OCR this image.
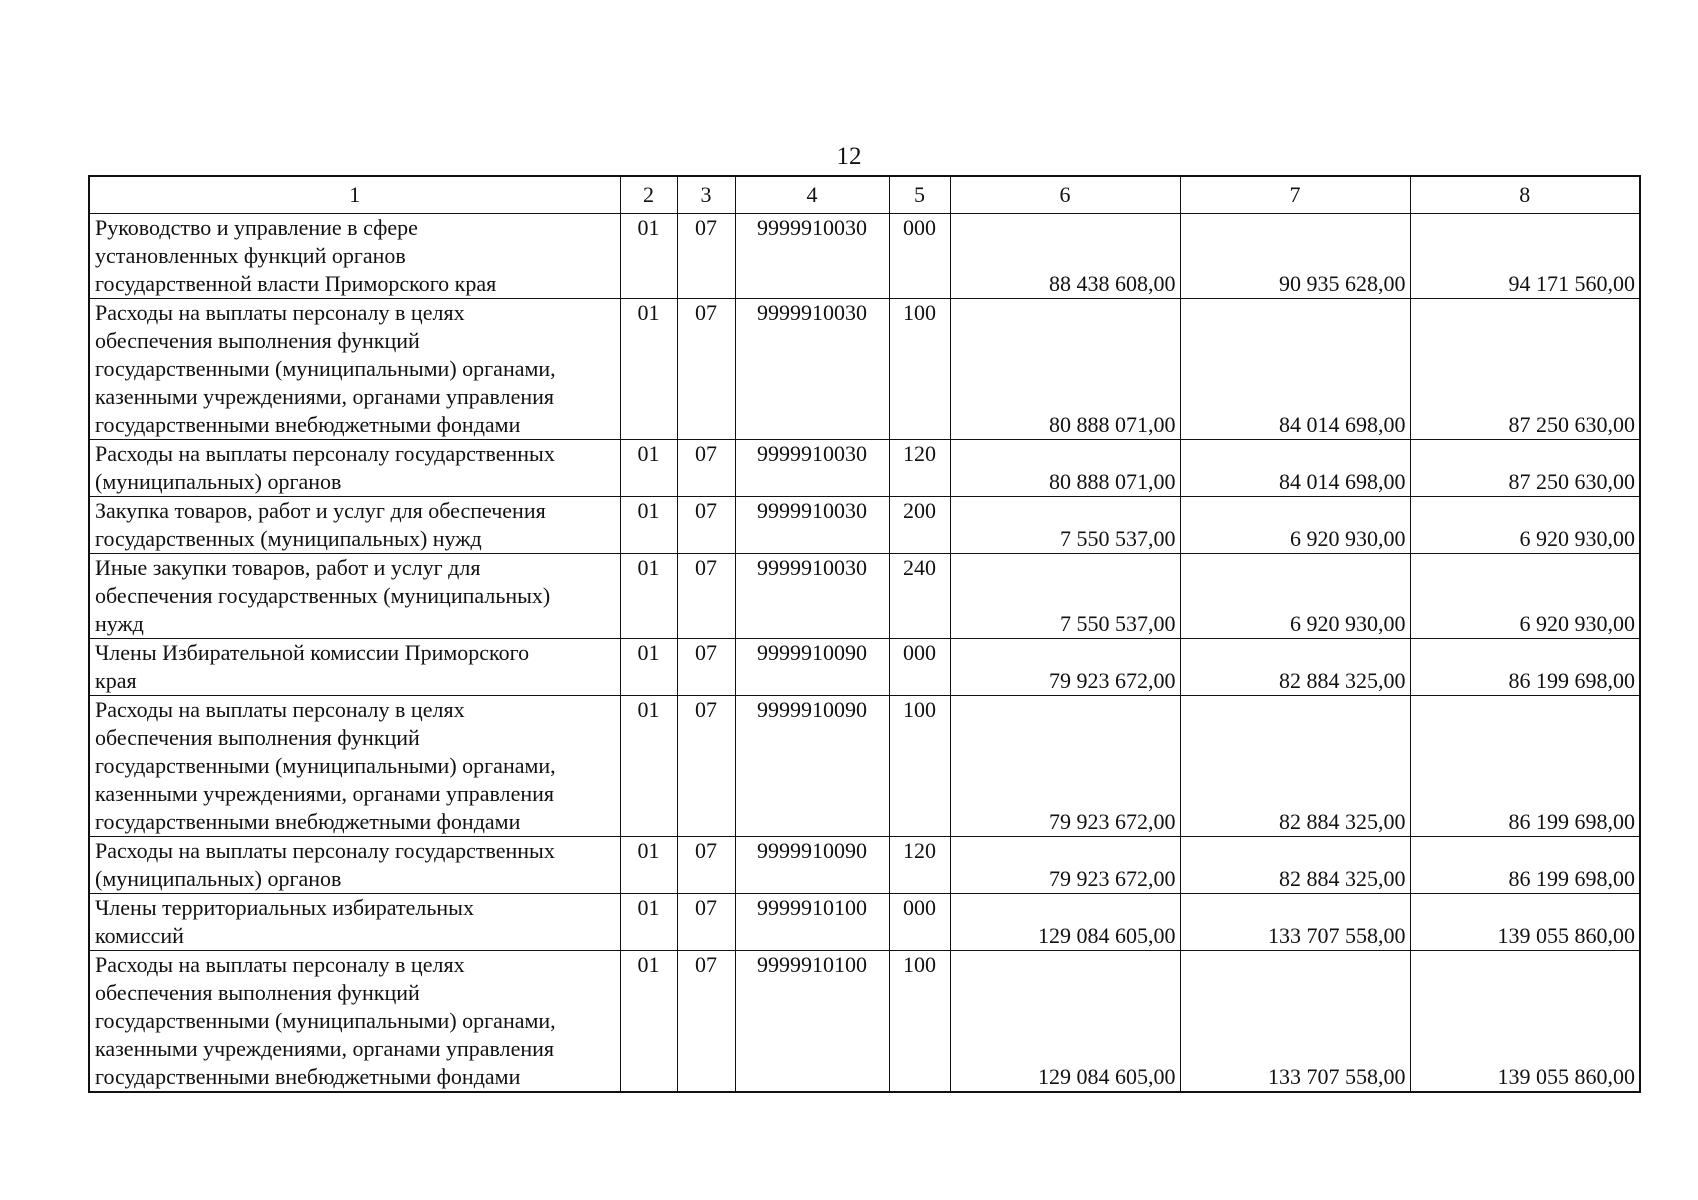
12
1	2	3	4	5	6	7	8

Руководство и управление в сфере
установленных функций органов
государственной власти Приморского края	01	07	9999910030	000	88 438 608,00	90 935 628,00	94 171 560,00

Расходы на выплаты персоналу в целях
обеспечения выполнения функций
государственными (муниципальными) органами,
казенными учреждениями, органами управления
государственными внебюджетными фондами	01	07	9999910030	100	80 888 071,00	84 014 698,00	87 250 630,00

Расходы на выплаты персоналу государственных
(муниципальных) органов	01	07	9999910030	120	80 888 071,00	84 014 698,00	87 250 630,00

Закупка товаров, работ и услуг для обеспечения
государственных (муниципальных) нужд	01	07	9999910030	200	7 550 537,00	6 920 930,00	6 920 930,00

Иные закупки товаров, работ и услуг для
обеспечения государственных (муниципальных)
нужд	01	07	9999910030	240	7 550 537,00	6 920 930,00	6 920 930,00

Члены Избирательной комиссии Приморского
края	01	07	9999910090	000	79 923 672,00	82 884 325,00	86 199 698,00

Расходы на выплаты персоналу в целях
обеспечения выполнения функций
государственными (муниципальными) органами,
казенными учреждениями, органами управления
государственными внебюджетными фондами	01	07	9999910090	100	79 923 672,00	82 884 325,00	86 199 698,00

Расходы на выплаты персоналу государственных
(муниципальных) органов	01	07	9999910090	120	79 923 672,00	82 884 325,00	86 199 698,00

Члены территориальных избирательных
комиссий	01	07	9999910100	000	129 084 605,00	133 707 558,00	139 055 860,00

Расходы на выплаты персоналу в целях
обеспечения выполнения функций
государственными (муниципальными) органами,
казенными учреждениями, органами управления
государственными внебюджетными фондами	01	07	9999910100	100	129 084 605,00	133 707 558,00	139 055 860,00
